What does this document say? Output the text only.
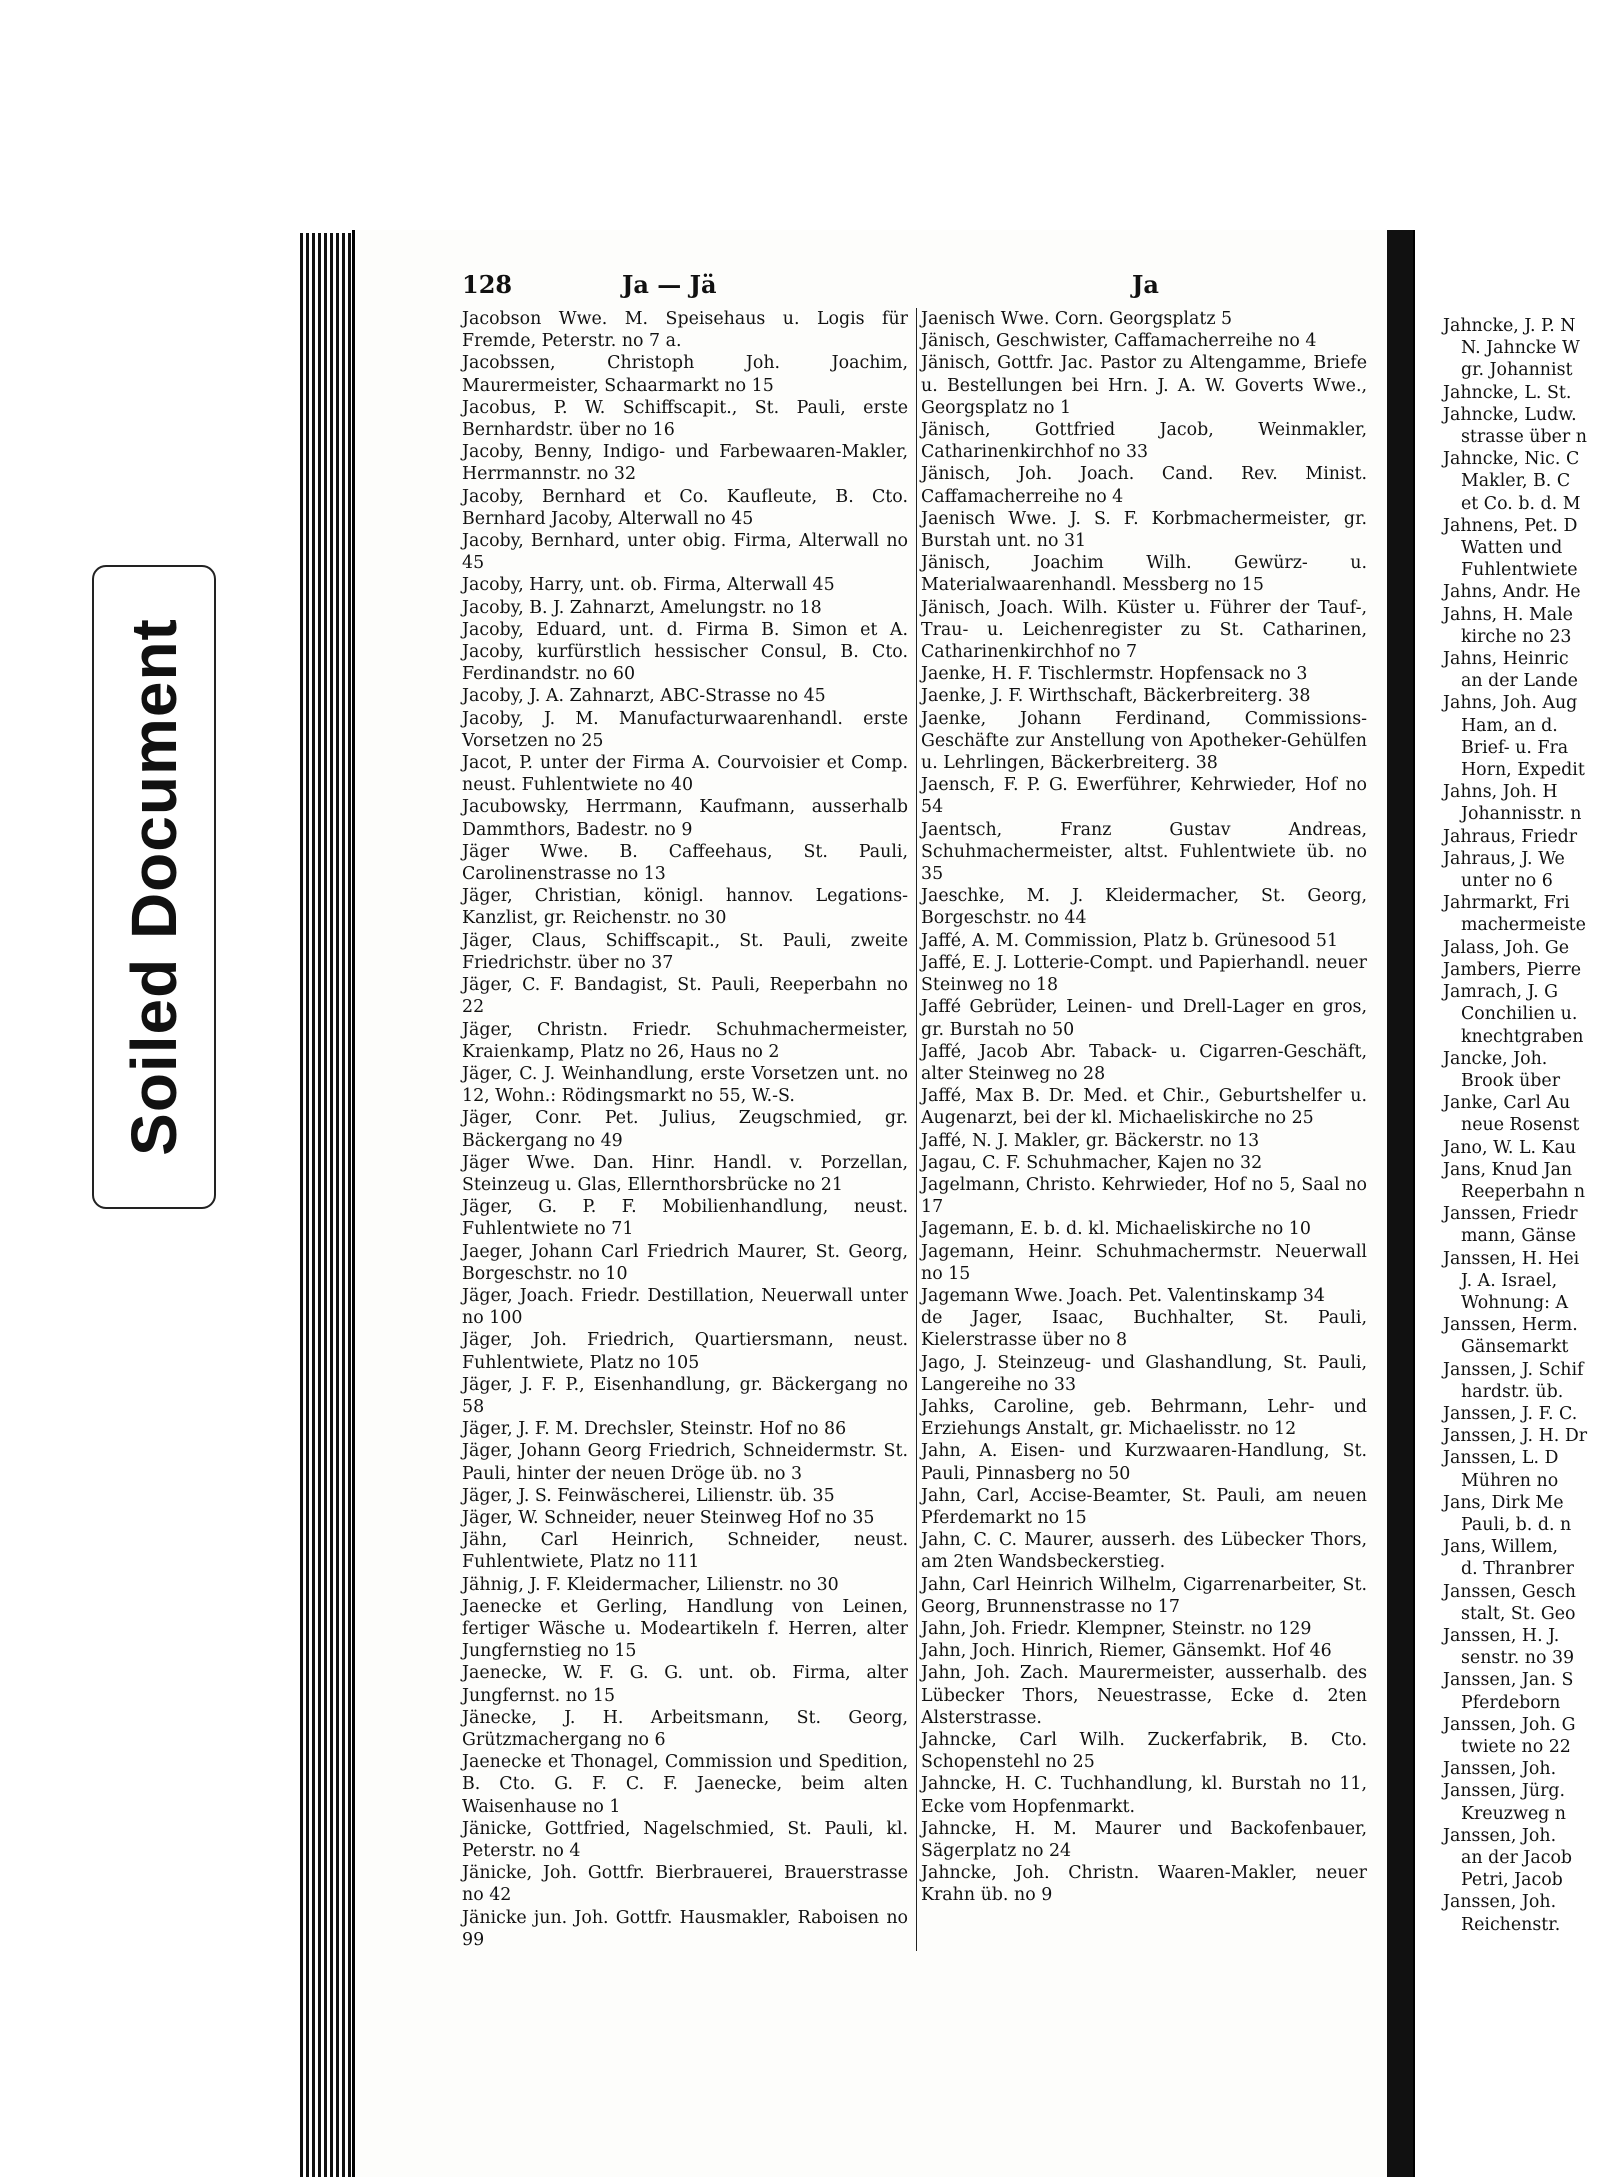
Soiled Document
128	Ja — Jä	Ja
Jacobson Wwe. M. Speisehaus u. Logis für Fremde, Peterstr. no 7 a.
Jacobssen, Christoph Joh. Joachim, Maurermeister, Schaarmarkt no 15
Jacobus, P. W. Schiffscapit., St. Pauli, erste Bernhardstr. über no 16
Jacoby, Benny, Indigo- und Farbewaaren-Makler, Herrmannstr. no 32
Jacoby, Bernhard et Co. Kaufleute, B. Cto. Bernhard Jacoby, Alterwall no 45
Jacoby, Bernhard, unter obig. Firma, Alterwall no 45
Jacoby, Harry, unt. ob. Firma, Alterwall 45
Jacoby, B. J. Zahnarzt, Amelungstr. no 18
Jacoby, Eduard, unt. d. Firma B. Simon et A. Jacoby, kurfürstlich hessischer Consul, B. Cto. Ferdinandstr. no 60
Jacoby, J. A. Zahnarzt, ABC-Strasse no 45
Jacoby, J. M. Manufacturwaarenhandl. erste Vorsetzen no 25
Jacot, P. unter der Firma A. Courvoisier et Comp. neust. Fuhlentwiete no 40
Jacubowsky, Herrmann, Kaufmann, ausserhalb Dammthors, Badestr. no 9
Jäger Wwe. B. Caffeehaus, St. Pauli, Carolinenstrasse no 13
Jäger, Christian, königl. hannov. Legations-Kanzlist, gr. Reichenstr. no 30
Jäger, Claus, Schiffscapit., St. Pauli, zweite Friedrichstr. über no 37
Jäger, C. F. Bandagist, St. Pauli, Reeperbahn no 22
Jäger, Christn. Friedr. Schuhmachermeister, Kraienkamp, Platz no 26, Haus no 2
Jäger, C. J. Weinhandlung, erste Vorsetzen unt. no 12, Wohn.: Rödingsmarkt no 55, W.-S.
Jäger, Conr. Pet. Julius, Zeugschmied, gr. Bäckergang no 49
Jäger Wwe. Dan. Hinr. Handl. v. Porzellan, Steinzeug u. Glas, Ellernthorsbrücke no 21
Jäger, G. P. F. Mobilienhandlung, neust. Fuhlentwiete no 71
Jaeger, Johann Carl Friedrich Maurer, St. Georg, Borgeschstr. no 10
Jäger, Joach. Friedr. Destillation, Neuerwall unter no 100
Jäger, Joh. Friedrich, Quartiersmann, neust. Fuhlentwiete, Platz no 105
Jäger, J. F. P., Eisenhandlung, gr. Bäckergang no 58
Jäger, J. F. M. Drechsler, Steinstr. Hof no 86
Jäger, Johann Georg Friedrich, Schneidermstr. St. Pauli, hinter der neuen Dröge üb. no 3
Jäger, J. S. Feinwäscherei, Lilienstr. üb. 35
Jäger, W. Schneider, neuer Steinweg Hof no 35
Jähn, Carl Heinrich, Schneider, neust. Fuhlentwiete, Platz no 111
Jähnig, J. F. Kleidermacher, Lilienstr. no 30
Jaenecke et Gerling, Handlung von Leinen, fertiger Wäsche u. Modeartikeln f. Herren, alter Jungfernstieg no 15
Jaenecke, W. F. G. G. unt. ob. Firma, alter Jungfernst. no 15
Jänecke, J. H. Arbeitsmann, St. Georg, Grützmachergang no 6
Jaenecke et Thonagel, Commission und Spedition, B. Cto. G. F. C. F. Jaenecke, beim alten Waisenhause no 1
Jänicke, Gottfried, Nagelschmied, St. Pauli, kl. Peterstr. no 4
Jänicke, Joh. Gottfr. Bierbrauerei, Brauerstrasse no 42
Jänicke jun. Joh. Gottfr. Hausmakler, Raboisen no 99
Jaenisch Wwe. Corn. Georgsplatz 5
Jänisch, Geschwister, Caffamacherreihe no 4
Jänisch, Gottfr. Jac. Pastor zu Altengamme, Briefe u. Bestellungen bei Hrn. J. A. W. Goverts Wwe., Georgsplatz no 1
Jänisch, Gottfried Jacob, Weinmakler, Catharinenkirchhof no 33
Jänisch, Joh. Joach. Cand. Rev. Minist. Caffamacherreihe no 4
Jaenisch Wwe. J. S. F. Korbmachermeister, gr. Burstah unt. no 31
Jänisch, Joachim Wilh. Gewürz- u. Materialwaarenhandl. Messberg no 15
Jänisch, Joach. Wilh. Küster u. Führer der Tauf-, Trau- u. Leichenregister zu St. Catharinen, Catharinenkirchhof no 7
Jaenke, H. F. Tischlermstr. Hopfensack no 3
Jaenke, J. F. Wirthschaft, Bäckerbreiterg. 38
Jaenke, Johann Ferdinand, Commissions-Geschäfte zur Anstellung von Apotheker-Gehülfen u. Lehrlingen, Bäckerbreiterg. 38
Jaensch, F. P. G. Ewerführer, Kehrwieder, Hof no 54
Jaentsch, Franz Gustav Andreas, Schuhmachermeister, altst. Fuhlentwiete üb. no 35
Jaeschke, M. J. Kleidermacher, St. Georg, Borgeschstr. no 44
Jaffé, A. M. Commission, Platz b. Grünesood 51
Jaffé, E. J. Lotterie-Compt. und Papierhandl. neuer Steinweg no 18
Jaffé Gebrüder, Leinen- und Drell-Lager en gros, gr. Burstah no 50
Jaffé, Jacob Abr. Taback- u. Cigarren-Geschäft, alter Steinweg no 28
Jaffé, Max B. Dr. Med. et Chir., Geburtshelfer u. Augenarzt, bei der kl. Michaeliskirche no 25
Jaffé, N. J. Makler, gr. Bäckerstr. no 13
Jagau, C. F. Schuhmacher, Kajen no 32
Jagelmann, Christo. Kehrwieder, Hof no 5, Saal no 17
Jagemann, E. b. d. kl. Michaeliskirche no 10
Jagemann, Heinr. Schuhmachermstr. Neuerwall no 15
Jagemann Wwe. Joach. Pet. Valentinskamp 34
de Jager, Isaac, Buchhalter, St. Pauli, Kielerstrasse über no 8
Jago, J. Steinzeug- und Glashandlung, St. Pauli, Langereihe no 33
Jahks, Caroline, geb. Behrmann, Lehr- und Erziehungs Anstalt, gr. Michaelisstr. no 12
Jahn, A. Eisen- und Kurzwaaren-Handlung, St. Pauli, Pinnasberg no 50
Jahn, Carl, Accise-Beamter, St. Pauli, am neuen Pferdemarkt no 15
Jahn, C. C. Maurer, ausserh. des Lübecker Thors, am 2ten Wandsbeckerstieg.
Jahn, Carl Heinrich Wilhelm, Cigarrenarbeiter, St. Georg, Brunnenstrasse no 17
Jahn, Joh. Friedr. Klempner, Steinstr. no 129
Jahn, Joch. Hinrich, Riemer, Gänsemkt. Hof 46
Jahn, Joh. Zach. Maurermeister, ausserhalb. des Lübecker Thors, Neuestrasse, Ecke d. 2ten Alsterstrasse.
Jahncke, Carl Wilh. Zuckerfabrik, B. Cto. Schopenstehl no 25
Jahncke, H. C. Tuchhandlung, kl. Burstah no 11, Ecke vom Hopfenmarkt.
Jahncke, H. M. Maurer und Backofenbauer, Sägerplatz no 24
Jahncke, Joh. Christn. Waaren-Makler, neuer Krahn üb. no 9
Jahncke, J. P. N
N. Jahncke W
gr. Johannist
Jahncke, L. St.
Jahncke, Ludw.
strasse über n
Jahncke, Nic. C
Makler, B. C
et Co. b. d. M
Jahnens, Pet. D
Watten und
Fuhlentwiete
Jahns, Andr. He
Jahns, H. Male
kirche no 23
Jahns, Heinric
an der Lande
Jahns, Joh. Aug
Ham, an d.
Brief- u. Fra
Horn, Expedit
Jahns, Joh. H
Johannisstr. n
Jahraus, Friedr
Jahraus, J. We
unter no 6
Jahrmarkt, Fri
machermeiste
Jalass, Joh. Ge
Jambers, Pierre
Jamrach, J. G
Conchilien u.
knechtgraben
Jancke, Joh.
Brook über
Janke, Carl Au
neue Rosenst
Jano, W. L. Kau
Jans, Knud Jan
Reeperbahn n
Janssen, Friedr
mann, Gänse
Janssen, H. Hei
J. A. Israel,
Wohnung: A
Janssen, Herm.
Gänsemarkt
Janssen, J. Schif
hardstr. üb.
Janssen, J. F. C.
Janssen, J. H. Dr
Janssen, L. D
Mühren no
Jans, Dirk Me
Pauli, b. d. n
Jans, Willem,
d. Thranbrer
Janssen, Gesch
stalt, St. Geo
Janssen, H. J.
senstr. no 39
Janssen, Jan. S
Pferdeborn
Janssen, Joh. G
twiete no 22
Janssen, Joh.
Janssen, Jürg.
Kreuzweg n
Janssen, Joh.
an der Jacob
Petri, Jacob
Janssen, Joh.
Reichenstr.
